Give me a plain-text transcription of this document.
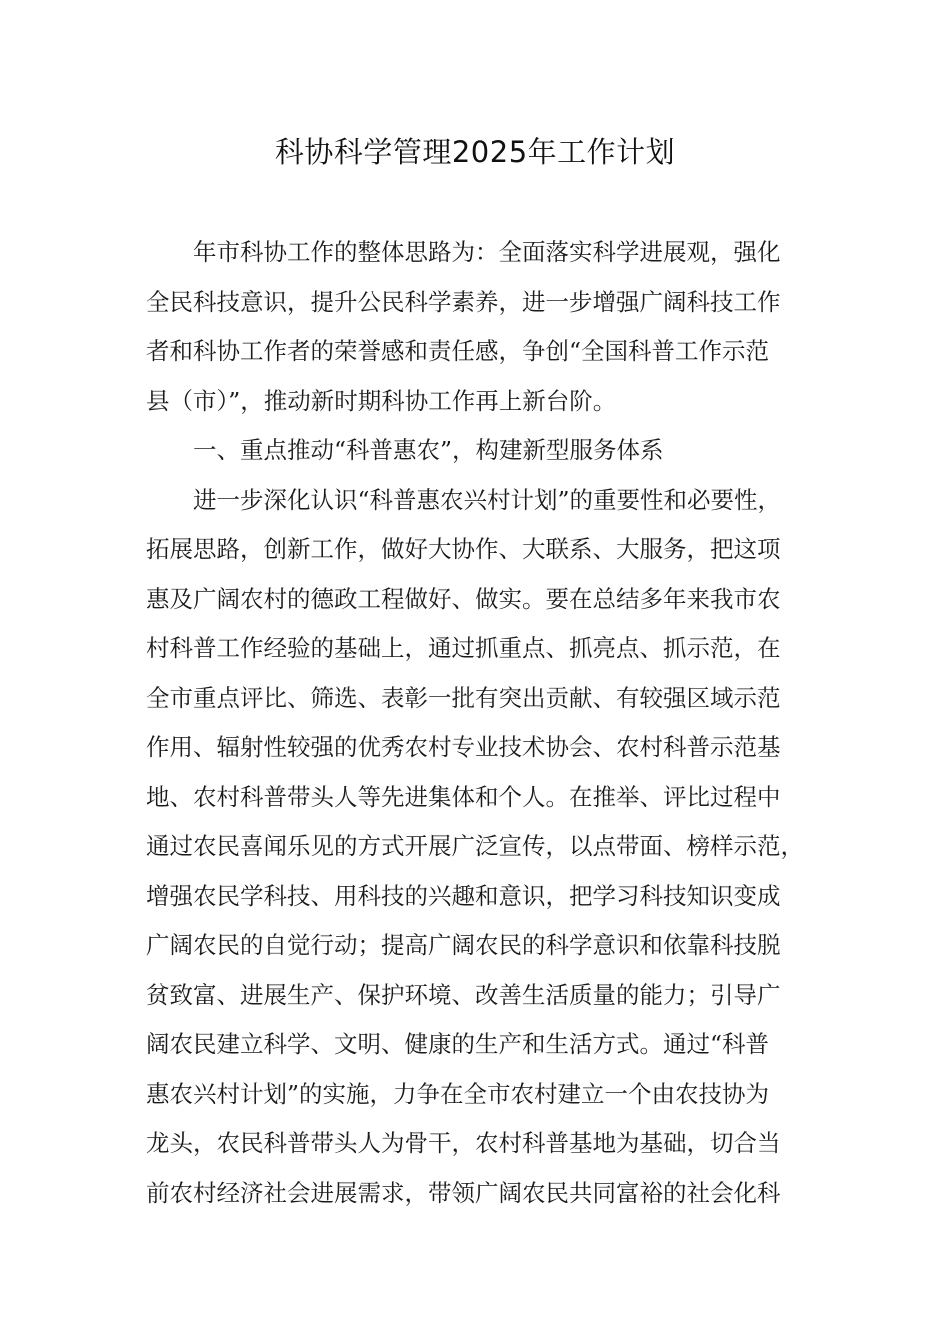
科协科学管理2025年工作计划

年市科协工作的整体思路为：全面落实科学进展观，强化

全民科技意识，提升公民科学素养，进一步增强广阔科技工作

者和科协工作者的荣誉感和责任感，争创“全国科普工作示范

县（市）”，推动新时期科协工作再上新台阶。

一、重点推动“科普惠农”，构建新型服务体系

进一步深化认识“科普惠农兴村计划”的重要性和必要性，

拓展思路，创新工作，做好大协作、大联系、大服务，把这项

惠及广阔农村的德政工程做好、做实。要在总结多年来我市农

村科普工作经验的基础上，通过抓重点、抓亮点、抓示范，在

全市重点评比、筛选、表彰一批有突出贡献、有较强区域示范

作用、辐射性较强的优秀农村专业技术协会、农村科普示范基

地、农村科普带头人等先进集体和个人。在推举、评比过程中

通过农民喜闻乐见的方式开展广泛宣传，以点带面、榜样示范，

增强农民学科技、用科技的兴趣和意识，把学习科技知识变成

广阔农民的自觉行动；提高广阔农民的科学意识和依靠科技脱

贫致富、进展生产、保护环境、改善生活质量的能力；引导广

阔农民建立科学、文明、健康的生产和生活方式。通过“科普

惠农兴村计划”的实施，力争在全市农村建立一个由农技协为

龙头，农民科普带头人为骨干，农村科普基地为基础，切合当

前农村经济社会进展需求，带领广阔农民共同富裕的社会化科
